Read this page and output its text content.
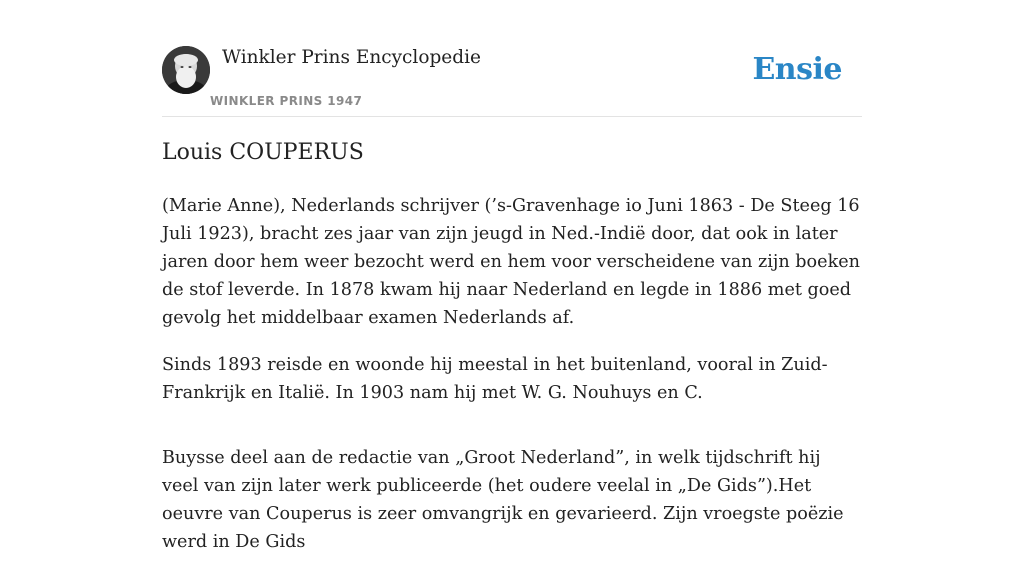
Winkler Prins Encyclopedie
WINKLER PRINS 1947
Ensie
Louis COUPERUS

(Marie Anne), Nederlands schrijver (’s-Gravenhage io Juni 1863 - De Steeg 16 Juli 1923), bracht zes jaar van zijn jeugd in Ned.-Indië door, dat ook in later jaren door hem weer bezocht werd en hem voor verscheidene van zijn boeken de stof leverde. In 1878 kwam hij naar Nederland en legde in 1886 met goed gevolg het middelbaar examen Nederlands af.

Sinds 1893 reisde en woonde hij meestal in het buitenland, vooral in Zuid-Frankrijk en Italië. In 1903 nam hij met W. G. Nouhuys en C.

Buysse deel aan de redactie van „Groot Nederland”, in welk tijdschrift hij veel van zijn later werk publiceerde (het oudere veelal in „De Gids”).Het oeuvre van Couperus is zeer omvangrijk en gevarieerd. Zijn vroegste poëzie werd in De Gids
